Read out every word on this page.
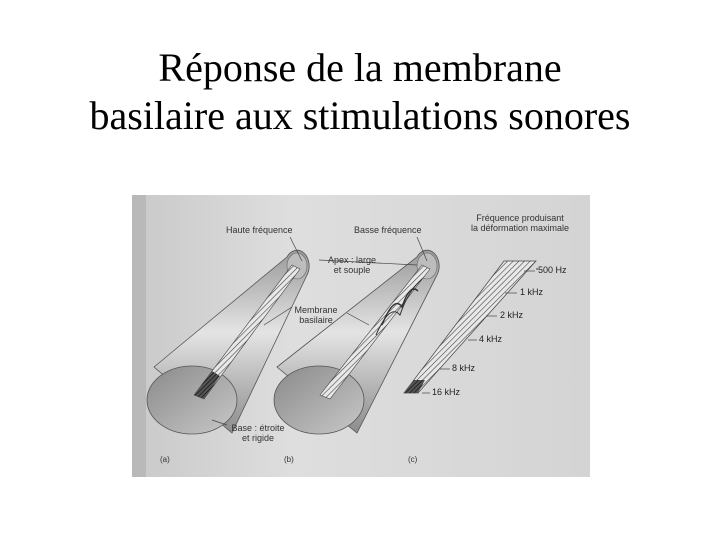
Réponse de la membrane
basilaire aux stimulations sonores
Haute fréquence	Basse fréquence
Fréquence produisant
la déformation maximale
Apex : large
et souple
Membrane
basilaire
Base : étroite
et rigide
500 Hz
1 kHz
2 kHz
4 kHz
8 kHz
16 kHz
(a)	(b)	(c)
